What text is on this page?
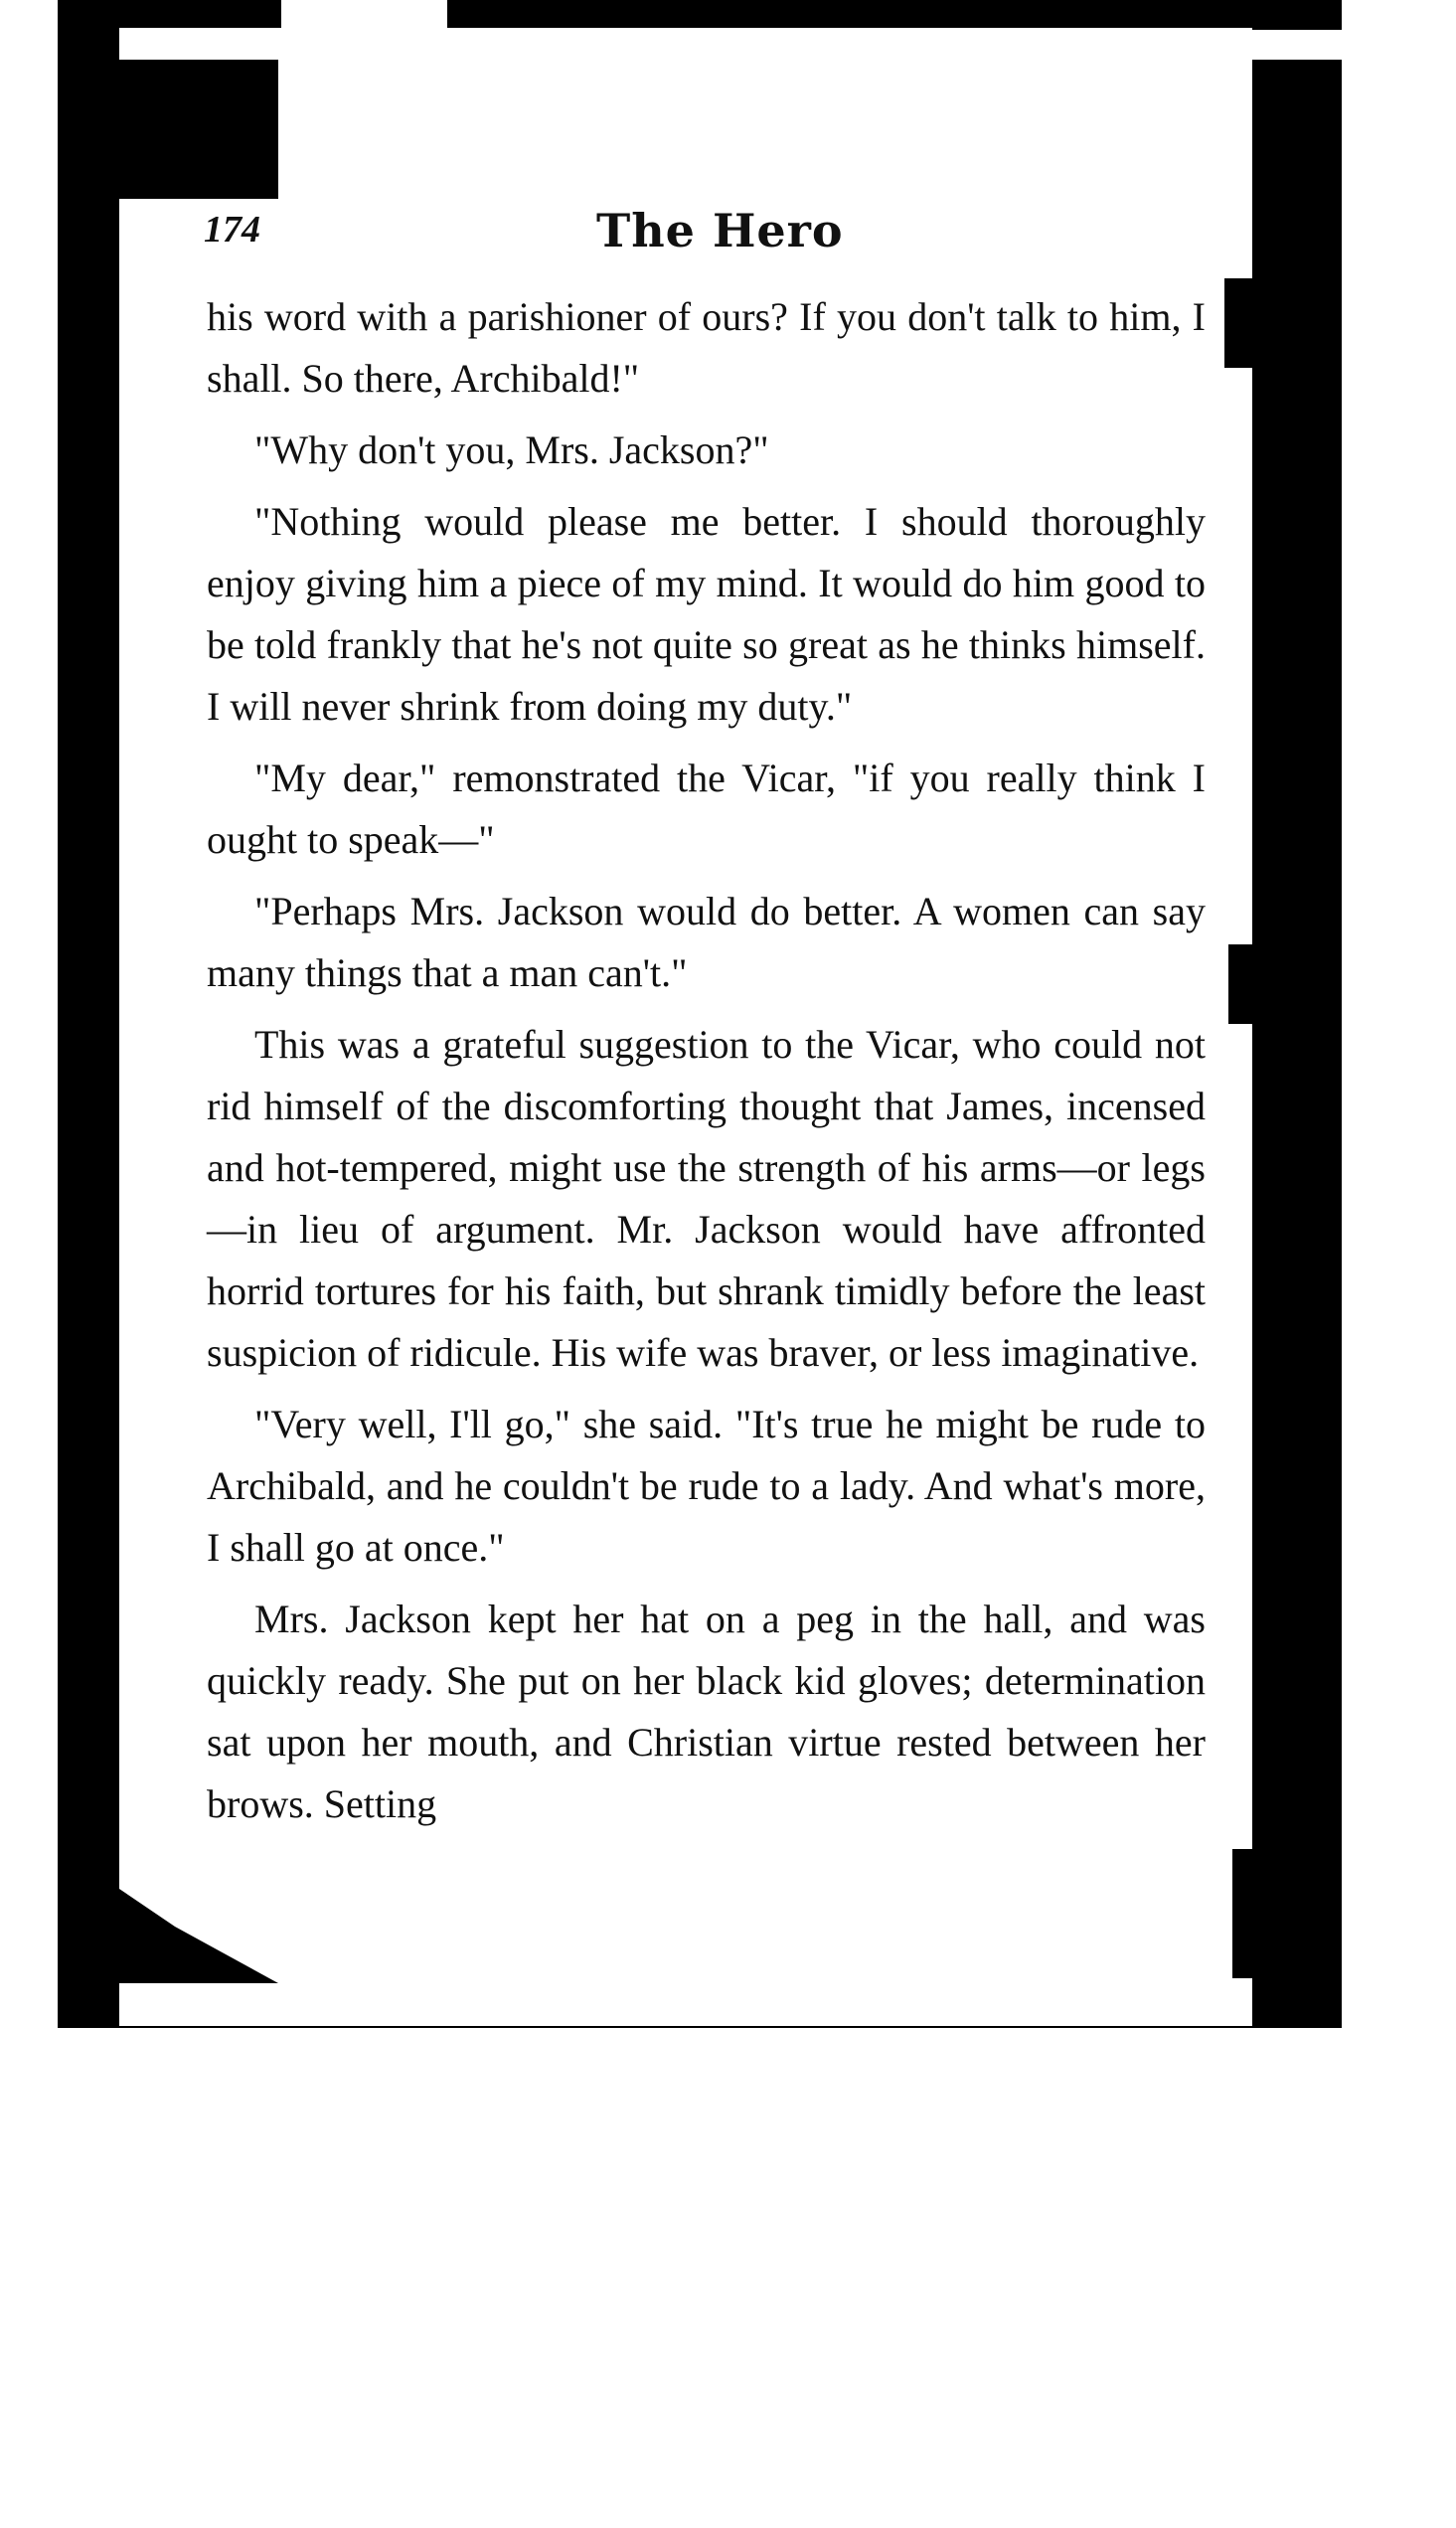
174	The Hero

his word with a parishioner of ours? If you don't talk to him, I shall. So there, Archibald!"

"Why don't you, Mrs. Jackson?"

"Nothing would please me better. I should thoroughly enjoy giving him a piece of my mind. It would do him good to be told frankly that he's not quite so great as he thinks himself. I will never shrink from doing my duty."

"My dear," remonstrated the Vicar, "if you really think I ought to speak—"

"Perhaps Mrs. Jackson would do better. A women can say many things that a man can't."

This was a grateful suggestion to the Vicar, who could not rid himself of the discomforting thought that James, incensed and hot-tempered, might use the strength of his arms—or legs—in lieu of argument. Mr. Jackson would have affronted horrid tortures for his faith, but shrank timidly before the least suspicion of ridicule. His wife was braver, or less imaginative.

"Very well, I'll go," she said. "It's true he might be rude to Archibald, and he couldn't be rude to a lady. And what's more, I shall go at once."

Mrs. Jackson kept her hat on a peg in the hall, and was quickly ready. She put on her black kid gloves; determination sat upon her mouth, and Christian virtue rested between her brows. Setting
